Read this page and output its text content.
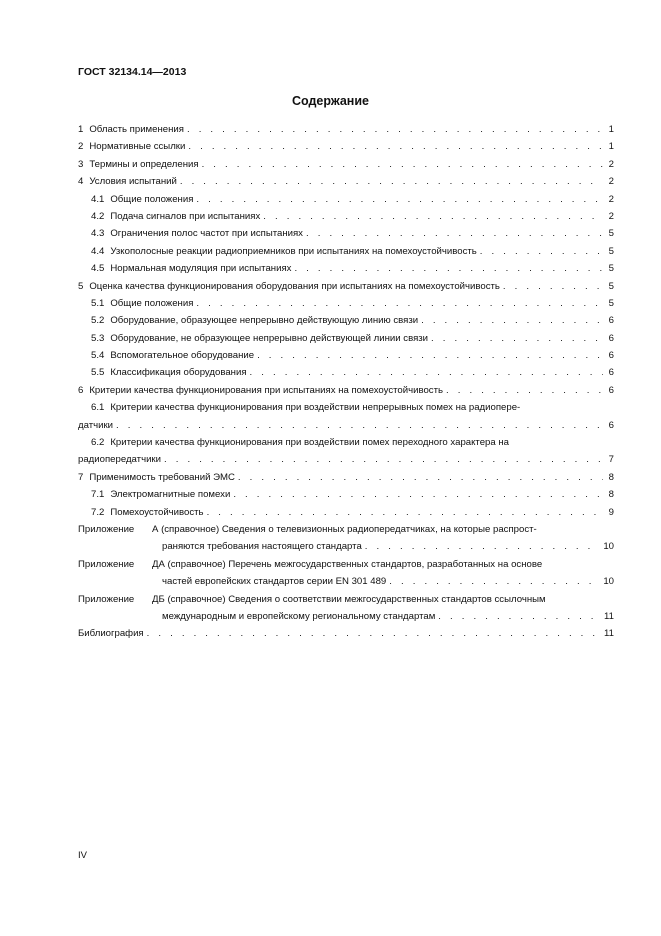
ГОСТ 32134.14—2013
Содержание
1 Область применения . . .	1
2 Нормативные ссылки . . .	1
3 Термины и определения . . .	2
4 Условия испытаний . . .	2
4.1 Общие положения . . .	2
4.2 Подача сигналов при испытаниях . . .	2
4.3 Ограничения полос частот при испытаниях . . .	5
4.4 Узкополосные реакции радиоприемников при испытаниях на помехоустойчивость . . .	5
4.5 Нормальная модуляция при испытаниях . . .	5
5 Оценка качества функционирования оборудования при испытаниях на помехоустойчивость . . .	5
5.1 Общие положения . . .	5
5.2 Оборудование, образующее непрерывно действующую линию связи . . .	6
5.3 Оборудование, не образующее непрерывно действующей линии связи . . .	6
5.4 Вспомогательное оборудование . . .	6
5.5 Классификация оборудования . . .	6
6 Критерии качества функционирования при испытаниях на помехоустойчивость . . .	6
6.1 Критерии качества функционирования при воздействии непрерывных помех на радиопере-
датчики . . .	6
6.2 Критерии качества функционирования при воздействии помех переходного характера на
радиопередатчики . . .	7
7 Применимость требований ЭМС . . .	8
7.1 Электромагнитные помехи . . .	8
7.2 Помехоустойчивость . . .	9
Приложение А (справочное) Сведения о телевизионных радиопередатчиках, на которые распрост-
раняются требования настоящего стандарта . . .	10
Приложение ДА (справочное) Перечень межгосударственных стандартов, разработанных на основе
частей европейских стандартов серии EN 301 489 . . .	10
Приложение ДБ (справочное) Сведения о соответствии межгосударственных стандартов ссылочным
международным и европейскому региональному стандартам . . .	11
Библиография . . .	11
IV
